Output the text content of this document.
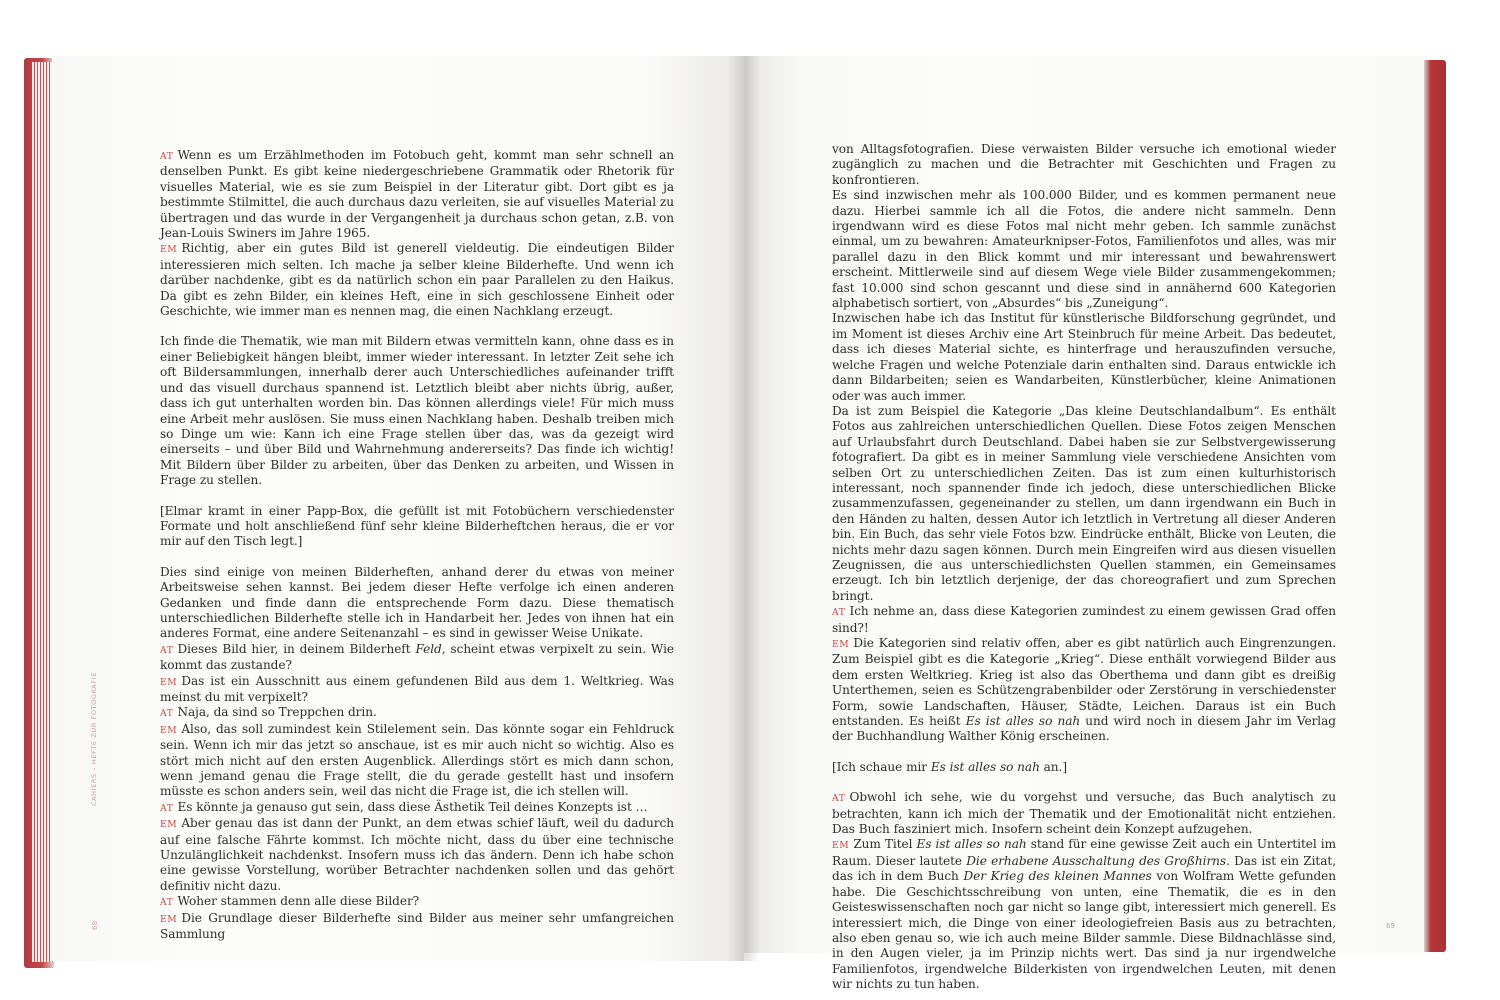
AT Wenn es um Erzählmethoden im Fotobuch geht, kommt man sehr schnell an denselben Punkt. Es gibt keine niedergeschriebene Grammatik oder Rhetorik für visuelles Material, wie es sie zum Beispiel in der Literatur gibt. Dort gibt es ja bestimmte Stilmittel, die auch durchaus dazu verleiten, sie auf visuelles Material zu übertragen und das wurde in der Vergangenheit ja durchaus schon getan, z.B. von Jean-Louis Swiners im Jahre 1965.

EM Richtig, aber ein gutes Bild ist generell vieldeutig. Die eindeutigen Bilder interessieren mich selten. Ich mache ja selber kleine Bilderhefte. Und wenn ich darüber nachdenke, gibt es da natürlich schon ein paar Parallelen zu den Haikus. Da gibt es zehn Bilder, ein kleines Heft, eine in sich geschlossene Einheit oder Geschichte, wie immer man es nennen mag, die einen Nachklang erzeugt.

Ich finde die Thematik, wie man mit Bildern etwas vermitteln kann, ohne dass es in einer Beliebigkeit hängen bleibt, immer wieder interessant. In letzter Zeit sehe ich oft Bildersammlungen, innerhalb derer auch Unterschiedliches aufeinander trifft und das visuell durchaus spannend ist. Letztlich bleibt aber nichts übrig, außer, dass ich gut unterhalten worden bin. Das können allerdings viele! Für mich muss eine Arbeit mehr auslösen. Sie muss einen Nachklang haben. Deshalb treiben mich so Dinge um wie: Kann ich eine Frage stellen über das, was da gezeigt wird einerseits – und über Bild und Wahrnehmung andererseits? Das finde ich wichtig! Mit Bildern über Bilder zu arbeiten, über das Denken zu arbeiten, und Wissen in Frage zu stellen.

[Elmar kramt in einer Papp-Box, die gefüllt ist mit Fotobüchern verschiedenster Formate und holt anschließend fünf sehr kleine Bilderheftchen heraus, die er vor mir auf den Tisch legt.]

Dies sind einige von meinen Bilderheften, anhand derer du etwas von meiner Arbeitsweise sehen kannst. Bei jedem dieser Hefte verfolge ich einen anderen Gedanken und finde dann die entsprechende Form dazu. Diese thematisch unterschiedlichen Bilderhefte stelle ich in Handarbeit her. Jedes von ihnen hat ein anderes Format, eine andere Seitenanzahl – es sind in gewisser Weise Unikate.

AT Dieses Bild hier, in deinem Bilderheft Feld, scheint etwas verpixelt zu sein. Wie kommt das zustande?

EM Das ist ein Ausschnitt aus einem gefundenen Bild aus dem 1. Weltkrieg. Was meinst du mit verpixelt?

AT Naja, da sind so Treppchen drin.

EM Also, das soll zumindest kein Stilelement sein. Das könnte sogar ein Fehldruck sein. Wenn ich mir das jetzt so anschaue, ist es mir auch nicht so wichtig. Also es stört mich nicht auf den ersten Augenblick. Allerdings stört es mich dann schon, wenn jemand genau die Frage stellt, die du gerade gestellt hast und insofern müsste es schon anders sein, weil das nicht die Frage ist, die ich stellen will.

AT Es könnte ja genauso gut sein, dass diese Ästhetik Teil deines Konzepts ist …

EM Aber genau das ist dann der Punkt, an dem etwas schief läuft, weil du dadurch auf eine falsche Fährte kommst. Ich möchte nicht, dass du über eine technische Unzulänglichkeit nachdenkst. Insofern muss ich das ändern. Denn ich habe schon eine gewisse Vorstellung, worüber Betrachter nachdenken sollen und das gehört definitiv nicht dazu.

AT Woher stammen denn alle diese Bilder?

EM Die Grundlage dieser Bilderhefte sind Bilder aus meiner sehr umfangreichen Sammlung

CAHIERS – HEFTE ZUR FOTOGRAFIE
68

von Alltagsfotografien. Diese verwaisten Bilder versuche ich emotional wieder zugänglich zu machen und die Betrachter mit Geschichten und Fragen zu konfrontieren.

Es sind inzwischen mehr als 100.000 Bilder, und es kommen permanent neue dazu. Hierbei sammle ich all die Fotos, die andere nicht sammeln. Denn irgendwann wird es diese Fotos mal nicht mehr geben. Ich sammle zunächst einmal, um zu bewahren: Amateurknipser-Fotos, Familienfotos und alles, was mir parallel dazu in den Blick kommt und mir interessant und bewahrenswert erscheint. Mittlerweile sind auf diesem Wege viele Bilder zusammengekommen; fast 10.000 sind schon gescannt und diese sind in annähernd 600 Kategorien alphabetisch sortiert, von „Absurdes“ bis „Zuneigung“.

Inzwischen habe ich das Institut für künstlerische Bildforschung gegründet, und im Moment ist dieses Archiv eine Art Steinbruch für meine Arbeit. Das bedeutet, dass ich dieses Material sichte, es hinterfrage und herauszufinden versuche, welche Fragen und welche Potenziale darin enthalten sind. Daraus entwickle ich dann Bildarbeiten; seien es Wandarbeiten, Künstlerbücher, kleine Animationen oder was auch immer.

Da ist zum Beispiel die Kategorie „Das kleine Deutschlandalbum“. Es enthält Fotos aus zahlreichen unterschiedlichen Quellen. Diese Fotos zeigen Menschen auf Urlaubsfahrt durch Deutschland. Dabei haben sie zur Selbstvergewisserung fotografiert. Da gibt es in meiner Sammlung viele verschiedene Ansichten vom selben Ort zu unterschiedlichen Zeiten. Das ist zum einen kulturhistorisch interessant, noch spannender finde ich jedoch, diese unterschiedlichen Blicke zusammenzufassen, gegeneinander zu stellen, um dann irgendwann ein Buch in den Händen zu halten, dessen Autor ich letztlich in Vertretung all dieser Anderen bin. Ein Buch, das sehr viele Fotos bzw. Eindrücke enthält, Blicke von Leuten, die nichts mehr dazu sagen können. Durch mein Eingreifen wird aus diesen visuellen Zeugnissen, die aus unterschiedlichsten Quellen stammen, ein Gemeinsames erzeugt. Ich bin letztlich derjenige, der das choreografiert und zum Sprechen bringt.

AT Ich nehme an, dass diese Kategorien zumindest zu einem gewissen Grad offen sind?!

EM Die Kategorien sind relativ offen, aber es gibt natürlich auch Eingrenzungen. Zum Beispiel gibt es die Kategorie „Krieg“. Diese enthält vorwiegend Bilder aus dem ersten Weltkrieg. Krieg ist also das Oberthema und dann gibt es dreißig Unterthemen, seien es Schützengrabenbilder oder Zerstörung in verschiedenster Form, sowie Landschaften, Häuser, Städte, Leichen. Daraus ist ein Buch entstanden. Es heißt Es ist alles so nah und wird noch in diesem Jahr im Verlag der Buchhandlung Walther König erscheinen.

[Ich schaue mir Es ist alles so nah an.]

AT Obwohl ich sehe, wie du vorgehst und versuche, das Buch analytisch zu betrachten, kann ich mich der Thematik und der Emotionalität nicht entziehen. Das Buch fasziniert mich. Insofern scheint dein Konzept aufzugehen.

EM Zum Titel Es ist alles so nah stand für eine gewisse Zeit auch ein Untertitel im Raum. Dieser lautete Die erhabene Ausschaltung des Großhirns. Das ist ein Zitat, das ich in dem Buch Der Krieg des kleinen Mannes von Wolfram Wette gefunden habe. Die Geschichtsschreibung von unten, eine Thematik, die es in den Geisteswissenschaften noch gar nicht so lange gibt, interessiert mich generell. Es interessiert mich, die Dinge von einer ideologiefreien Basis aus zu betrachten, also eben genau so, wie ich auch meine Bilder sammle. Diese Bildnachlässe sind, in den Augen vieler, ja im Prinzip nichts wert. Das sind ja nur irgendwelche Familienfotos, irgendwelche Bilderkisten von irgendwelchen Leuten, mit denen wir nichts zu tun haben.

69
